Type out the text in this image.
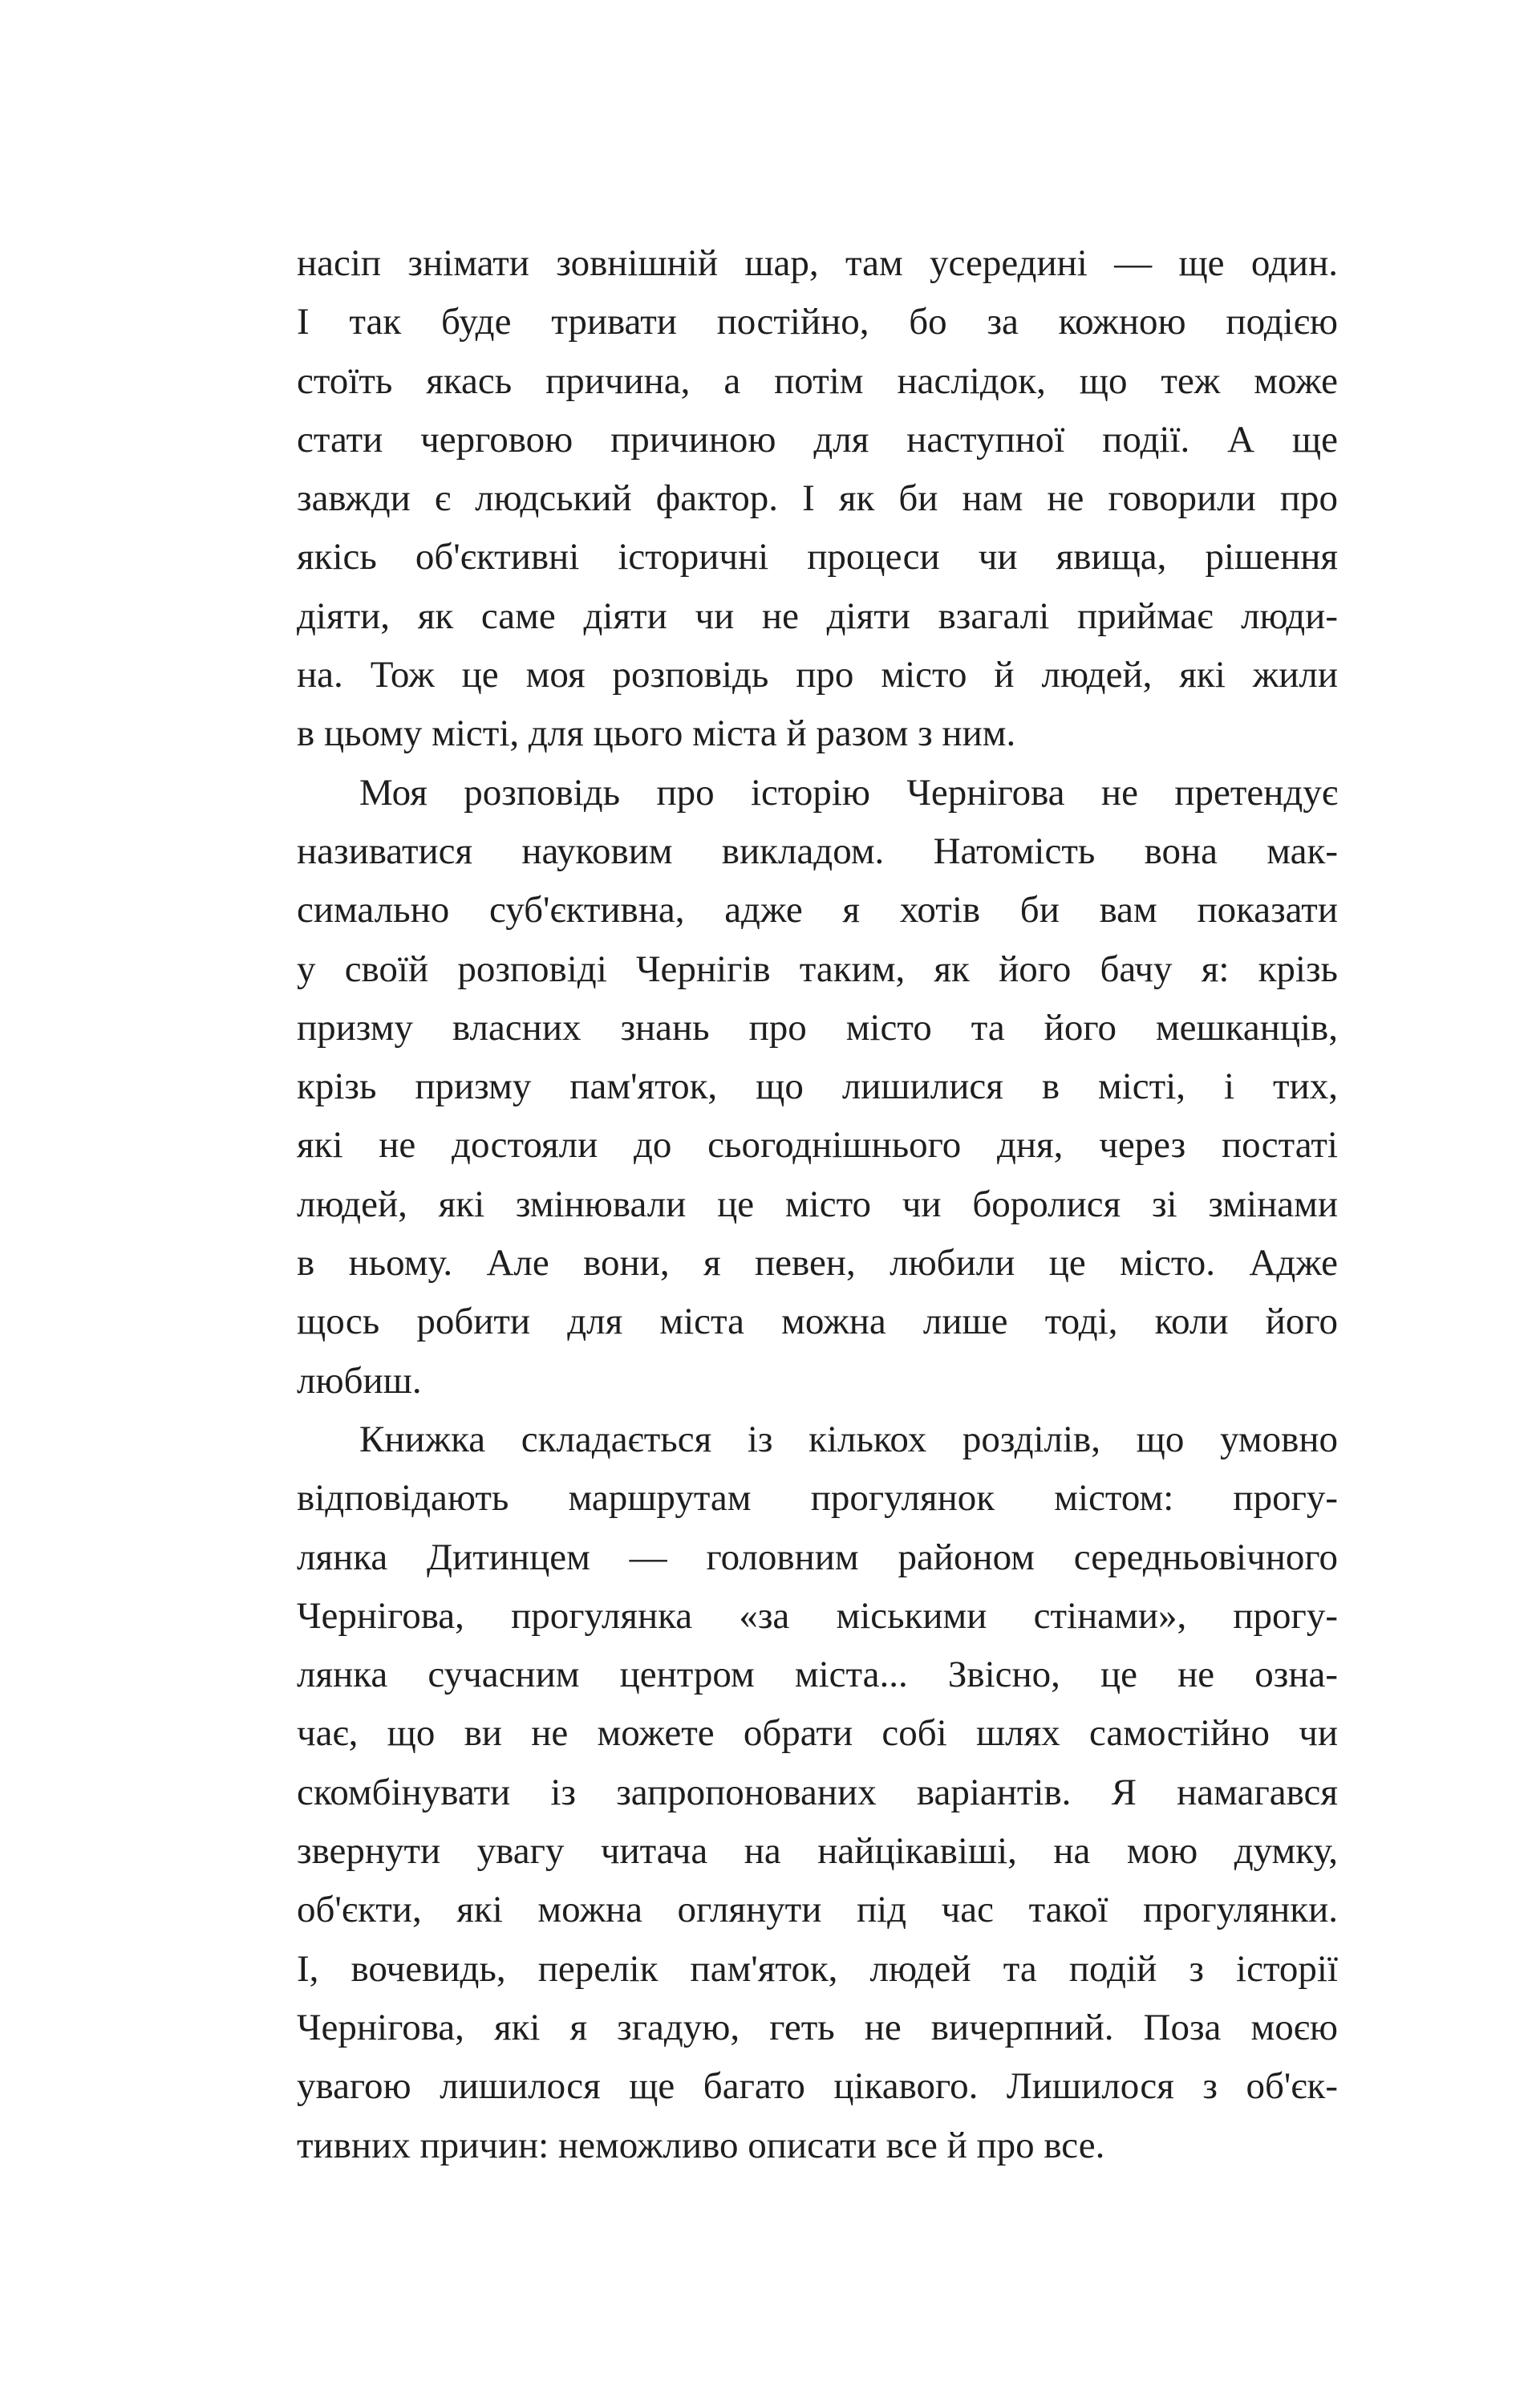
насіп знімати зовнішній шар, там усередині — ще один.
І так буде тривати постійно, бо за кожною подією
стоїть якась причина, а потім наслідок, що теж може
стати черговою причиною для наступної події. А ще
завжди є людський фактор. І як би нам не говорили про
якісь об'єктивні історичні процеси чи явища, рішення
діяти, як саме діяти чи не діяти взагалі приймає люди-
на. Тож це моя розповідь про місто й людей, які жили
в цьому місті, для цього міста й разом з ним.
Моя розповідь про історію Чернігова не претендує
називатися науковим викладом. Натомість вона мак-
симально суб'єктивна, адже я хотів би вам показати
у своїй розповіді Чернігів таким, як його бачу я: крізь
призму власних знань про місто та його мешканців,
крізь призму пам'яток, що лишилися в місті, і тих,
які не достояли до сьогоднішнього дня, через постаті
людей, які змінювали це місто чи боролися зі змінами
в ньому. Але вони, я певен, любили це місто. Адже
щось робити для міста можна лише тоді, коли його
любиш.
Книжка складається із кількох розділів, що умовно
відповідають маршрутам прогулянок містом: прогу-
лянка Дитинцем — головним районом середньовічного
Чернігова, прогулянка «за міськими стінами», прогу-
лянка сучасним центром міста... Звісно, це не озна-
чає, що ви не можете обрати собі шлях самостійно чи
скомбінувати із запропонованих варіантів. Я намагався
звернути увагу читача на найцікавіші, на мою думку,
об'єкти, які можна оглянути під час такої прогулянки.
І, вочевидь, перелік пам'яток, людей та подій з історії
Чернігова, які я згадую, геть не вичерпний. Поза моєю
увагою лишилося ще багато цікавого. Лишилося з об'єк-
тивних причин: неможливо описати все й про все.
